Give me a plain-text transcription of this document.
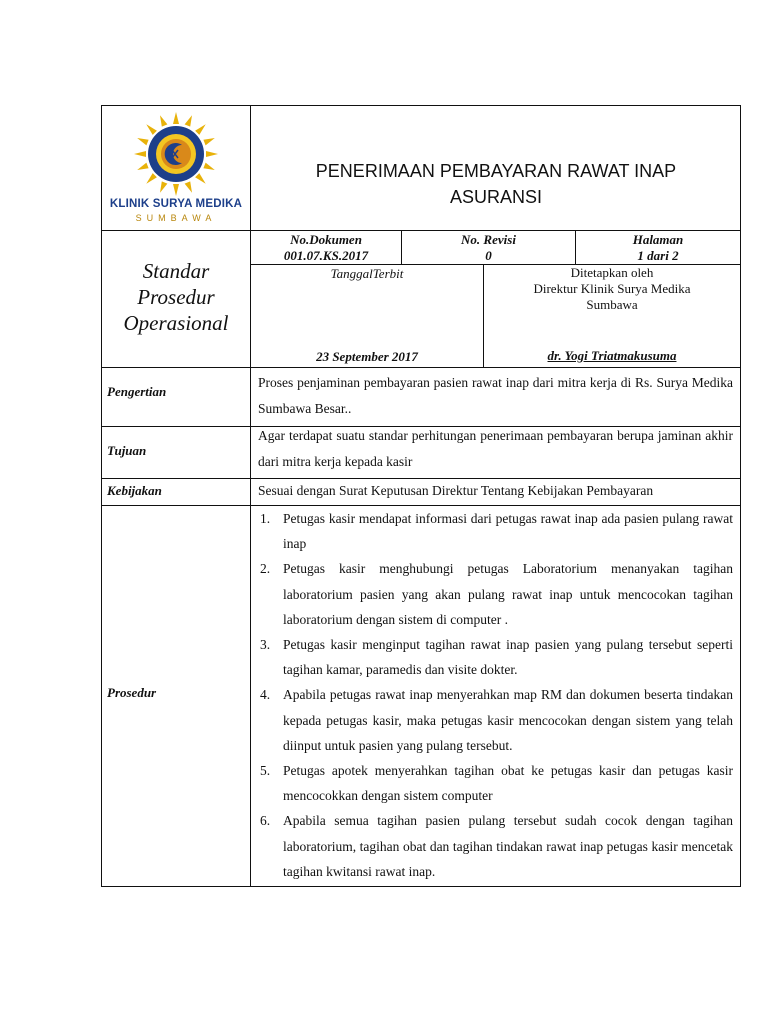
KLINIK SURYA MEDIKA
SUMBAWA
PENERIMAAN PEMBAYARAN RAWAT INAP
ASURANSI
Standar
Prosedur
Operasional
No.Dokumen
001.07.KS.2017
No. Revisi
0
Halaman
1 dari 2
TanggalTerbit
23 September 2017
Ditetapkan oleh
Direktur Klinik Surya Medika
Sumbawa
dr. Yogi Triatmakusuma
Pengertian
Proses penjaminan pembayaran pasien rawat inap dari mitra kerja di Rs. Surya Medika Sumbawa Besar..
Tujuan
Agar terdapat suatu standar perhitungan penerimaan pembayaran berupa jaminan akhir dari mitra kerja kepada kasir
Kebijakan	Sesuai dengan Surat Keputusan Direktur Tentang Kebijakan Pembayaran
Prosedur
1. Petugas kasir mendapat informasi dari petugas rawat inap ada pasien pulang rawat inap
2. Petugas kasir menghubungi petugas Laboratorium menanyakan tagihan laboratorium pasien yang akan pulang rawat inap untuk mencocokan tagihan laboratorium dengan sistem di computer .
3. Petugas kasir menginput tagihan rawat inap pasien yang pulang tersebut seperti tagihan kamar, paramedis dan visite dokter.
4. Apabila petugas rawat inap menyerahkan map RM dan dokumen beserta tindakan kepada petugas kasir, maka petugas kasir mencocokan dengan sistem yang telah diinput untuk pasien yang pulang tersebut.
5. Petugas apotek menyerahkan tagihan obat ke petugas kasir dan petugas kasir mencocokkan dengan sistem computer
6. Apabila semua tagihan pasien pulang tersebut sudah cocok dengan tagihan laboratorium, tagihan obat dan tagihan tindakan rawat inap petugas kasir mencetak tagihan kwitansi rawat inap.
